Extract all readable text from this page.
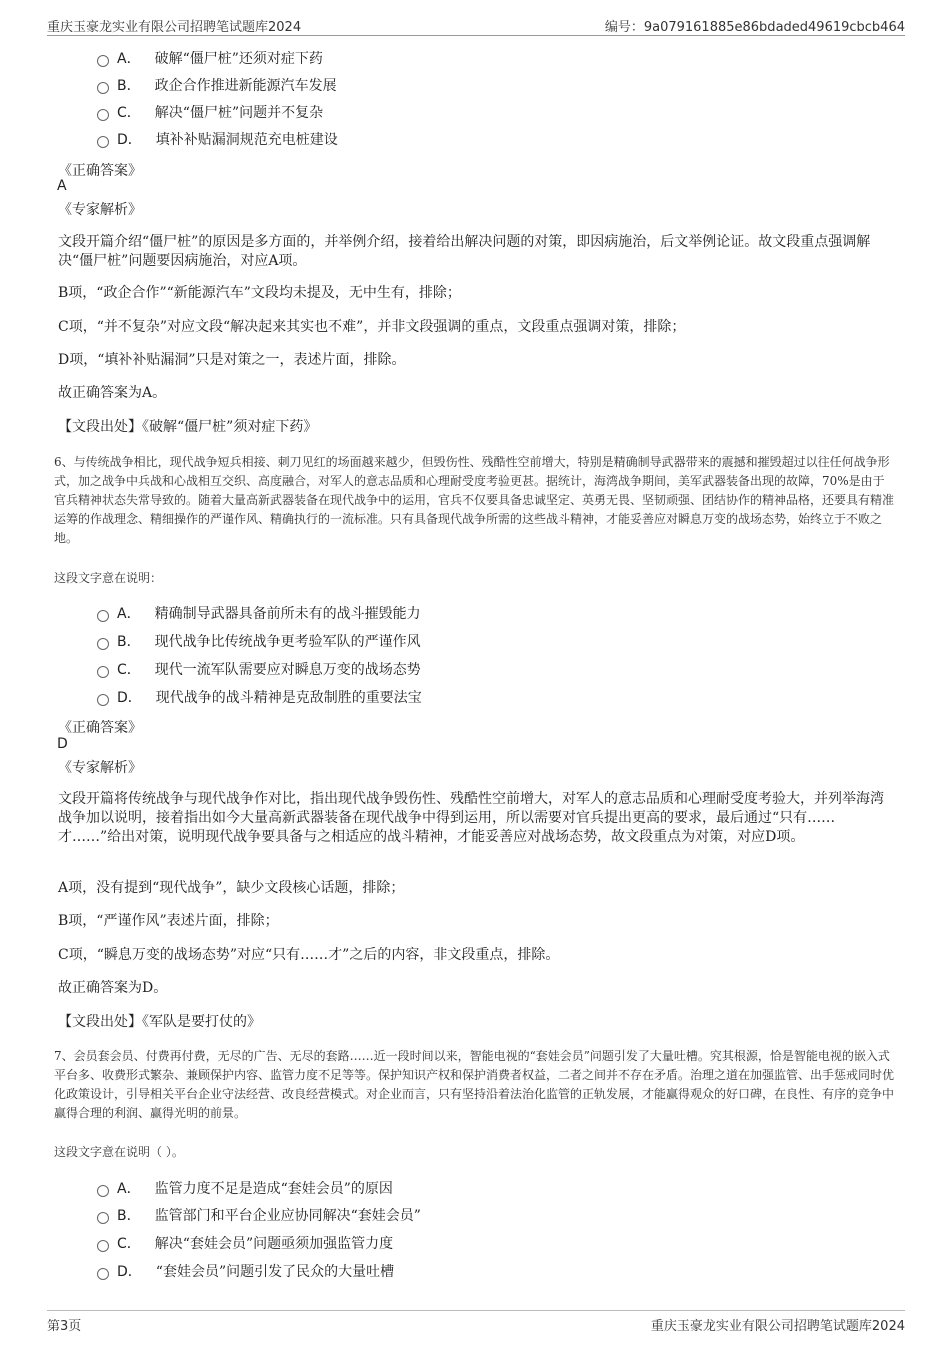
重庆玉豪龙实业有限公司招聘笔试题库2024	编号：9a079161885e86bdaded49619cbcb464
A． 破解“僵尸桩”还须对症下药
B． 政企合作推进新能源汽车发展
C． 解决“僵尸桩”问题并不复杂
D． 填补补贴漏洞规范充电桩建设
《正确答案》
A
《专家解析》
文段开篇介绍“僵尸桩”的原因是多方面的，并举例介绍，接着给出解决问题的对策，即因病施治，后文举例论证。故文段重点强调解决“僵尸桩”问题要因病施治，对应A项。
B项，“政企合作”“新能源汽车”文段均未提及，无中生有，排除；
C项，“并不复杂”对应文段“解决起来其实也不难”，并非文段强调的重点，文段重点强调对策，排除；
D项，“填补补贴漏洞”只是对策之一，表述片面，排除。
故正确答案为A。
【文段出处】《破解“僵尸桩”须对症下药》
6、与传统战争相比，现代战争短兵相接、刺刀见红的场面越来越少，但毁伤性、残酷性空前增大，特别是精确制导武器带来的震撼和摧毁超过以往任何战争形式，加之战争中兵战和心战相互交织、高度融合，对军人的意志品质和心理耐受度考验更甚。据统计，海湾战争期间，美军武器装备出现的故障，70%是由于官兵精神状态失常导致的。随着大量高新武器装备在现代战争中的运用，官兵不仅要具备忠诚坚定、英勇无畏、坚韧顽强、团结协作的精神品格，还要具有精准运筹的作战理念、精细操作的严谨作风、精确执行的一流标准。只有具备现代战争所需的这些战斗精神，才能妥善应对瞬息万变的战场态势，始终立于不败之地。
这段文字意在说明：
A． 精确制导武器具备前所未有的战斗摧毁能力
B． 现代战争比传统战争更考验军队的严谨作风
C． 现代一流军队需要应对瞬息万变的战场态势
D． 现代战争的战斗精神是克敌制胜的重要法宝
《正确答案》
D
《专家解析》
文段开篇将传统战争与现代战争作对比，指出现代战争毁伤性、残酷性空前增大，对军人的意志品质和心理耐受度考验大，并列举海湾战争加以说明，接着指出如今大量高新武器装备在现代战争中得到运用，所以需要对官兵提出更高的要求，最后通过“只有……才……”给出对策，说明现代战争要具备与之相适应的战斗精神，才能妥善应对战场态势，故文段重点为对策，对应D项。
A项，没有提到“现代战争”，缺少文段核心话题，排除；
B项，“严谨作风”表述片面，排除；
C项，“瞬息万变的战场态势”对应“只有……才”之后的内容，非文段重点，排除。
故正确答案为D。
【文段出处】《军队是要打仗的》
7、会员套会员、付费再付费，无尽的广告、无尽的套路……近一段时间以来，智能电视的“套娃会员”问题引发了大量吐槽。究其根源，恰是智能电视的嵌入式平台多、收费形式繁杂、兼顾保护内容、监管力度不足等等。保护知识产权和保护消费者权益，二者之间并不存在矛盾。治理之道在加强监管、出手惩戒同时优化政策设计，引导相关平台企业守法经营、改良经营模式。对企业而言，只有坚持沿着法治化监管的正轨发展，才能赢得观众的好口碑，在良性、有序的竞争中赢得合理的利润、赢得光明的前景。
这段文字意在说明（ ）。
A． 监管力度不足是造成“套娃会员”的原因
B． 监管部门和平台企业应协同解决“套娃会员”
C． 解决“套娃会员”问题亟须加强监管力度
D． “套娃会员”问题引发了民众的大量吐槽
第3页	重庆玉豪龙实业有限公司招聘笔试题库2024
